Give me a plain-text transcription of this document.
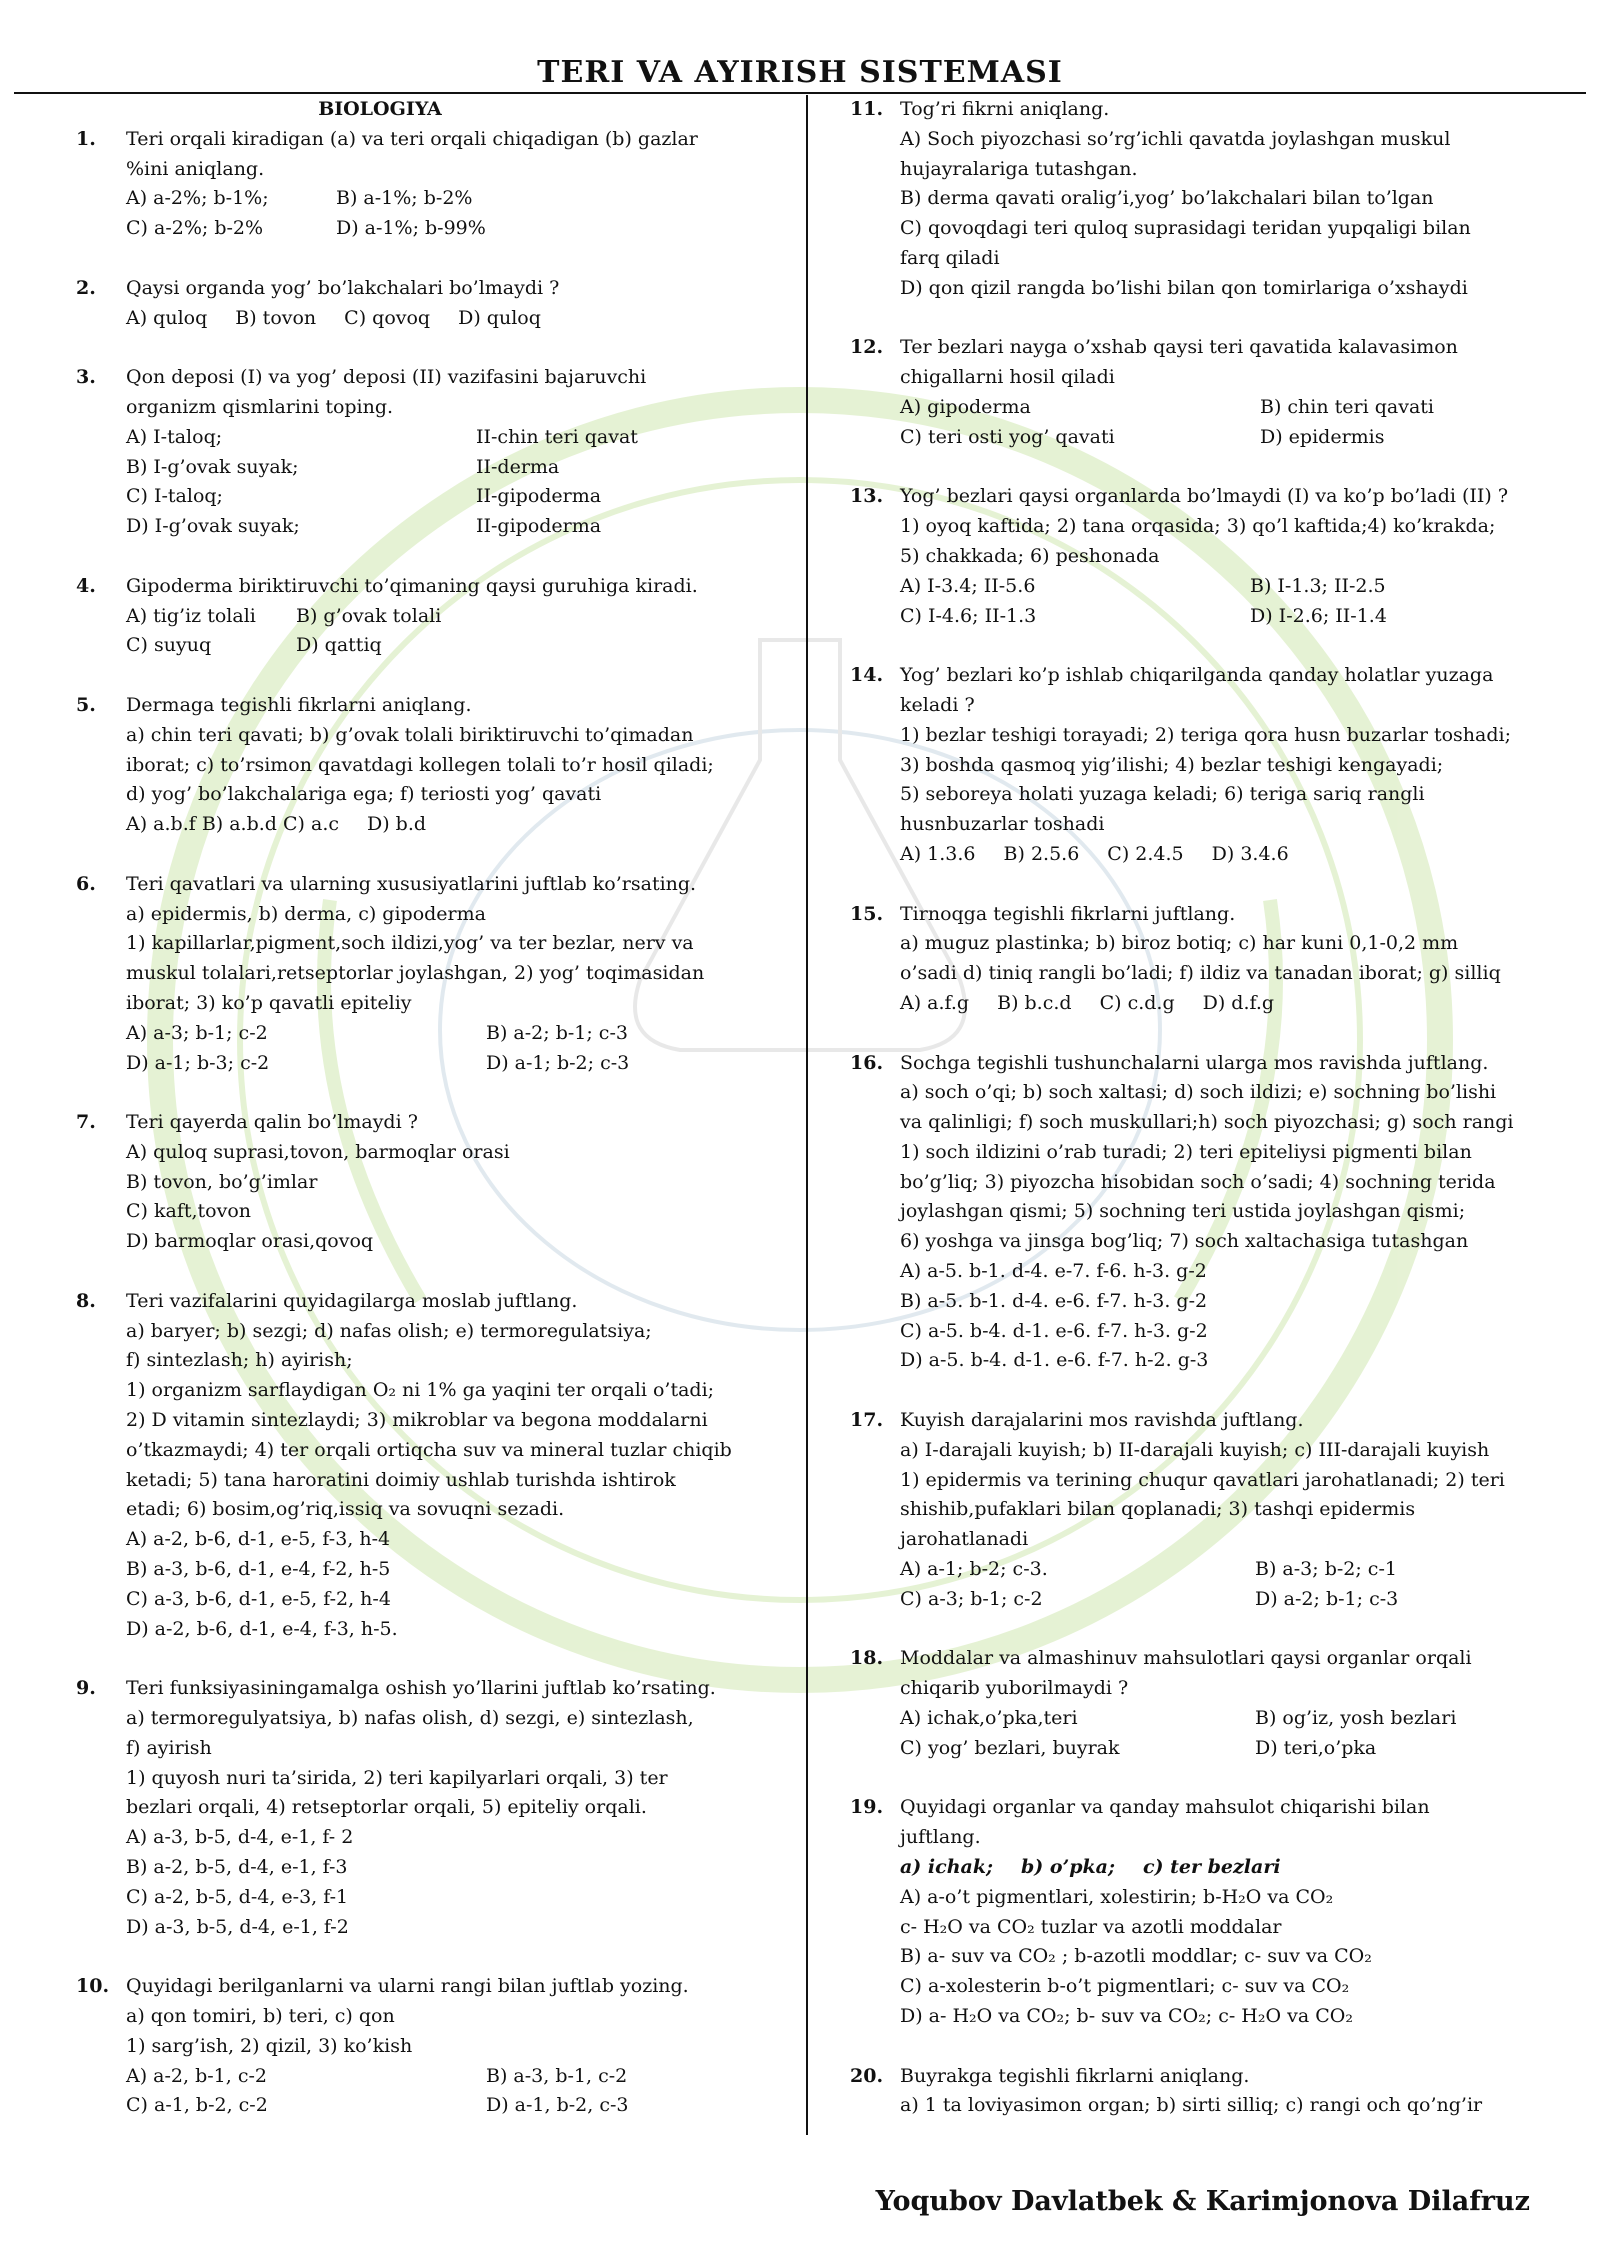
TERI VA AYIRISH SISTEMASI
BIOLOGIYA
1. Teri orqali kiradigan (a) va teri orqali chiqadigan (b) gazlar
%ini aniqlang.
A) a-2%; b-1%;	B) a-1%; b-2%
C) a-2%; b-2%	D) a-1%; b-99%
2. Qaysi organda yog’ bo’lakchalari bo’lmaydi ?
A) quloq B) tovon C) qovoq D) quloq
3. Qon deposi (I) va yog’ deposi (II) vazifasini bajaruvchi
organizm qismlarini toping.
A) I-taloq;	II-chin teri qavat
B) I-g’ovak suyak;	II-derma
C) I-taloq;	II-gipoderma
D) I-g’ovak suyak;	II-gipoderma
4. Gipoderma biriktiruvchi to’qimaning qaysi guruhiga kiradi.
A) tig’iz tolali	B) g’ovak tolali
C) suyuq	D) qattiq
5. Dermaga tegishli fikrlarni aniqlang.
a) chin teri qavati; b) g’ovak tolali biriktiruvchi to’qimadan
iborat; c) to’rsimon qavatdagi kollegen tolali to’r hosil qiladi;
d) yog’ bo’lakchalariga ega; f) teriosti yog’ qavati
A) a.b.f B) a.b.d C) a.c D) b.d
6. Teri qavatlari va ularning xususiyatlarini juftlab ko’rsating.
a) epidermis, b) derma, c) gipoderma
1) kapillarlar,pigment,soch ildizi,yog’ va ter bezlar, nerv va
muskul tolalari,retseptorlar joylashgan, 2) yog’ toqimasidan
iborat; 3) ko’p qavatli epiteliy
A) a-3; b-1; c-2	B) a-2; b-1; c-3
D) a-1; b-3; c-2	D) a-1; b-2; c-3
7. Teri qayerda qalin bo’lmaydi ?
A) quloq suprasi,tovon, barmoqlar orasi
B) tovon, bo’g’imlar
C) kaft,tovon
D) barmoqlar orasi,qovoq
8. Teri vazifalarini quyidagilarga moslab juftlang.
a) baryer; b) sezgi; d) nafas olish; e) termoregulatsiya;
f) sintezlash; h) ayirish;
1) organizm sarflaydigan O₂ ni 1% ga yaqini ter orqali o’tadi;
2) D vitamin sintezlaydi; 3) mikroblar va begona moddalarni
o’tkazmaydi; 4) ter orqali ortiqcha suv va mineral tuzlar chiqib
ketadi; 5) tana haroratini doimiy ushlab turishda ishtirok
etadi; 6) bosim,og’riq,issiq va sovuqni sezadi.
A) a-2, b-6, d-1, e-5, f-3, h-4
B) a-3, b-6, d-1, e-4, f-2, h-5
C) a-3, b-6, d-1, e-5, f-2, h-4
D) a-2, b-6, d-1, e-4, f-3, h-5.
9. Teri funksiyasiningamalga oshish yo’llarini juftlab ko’rsating.
a) termoregulyatsiya, b) nafas olish, d) sezgi, e) sintezlash,
f) ayirish
1) quyosh nuri ta’sirida, 2) teri kapilyarlari orqali, 3) ter
bezlari orqali, 4) retseptorlar orqali, 5) epiteliy orqali.
A) a-3, b-5, d-4, e-1, f- 2
B) a-2, b-5, d-4, e-1, f-3
C) a-2, b-5, d-4, e-3, f-1
D) a-3, b-5, d-4, e-1, f-2
10. Quyidagi berilganlarni va ularni rangi bilan juftlab yozing.
a) qon tomiri, b) teri, c) qon
1) sarg’ish, 2) qizil, 3) ko’kish
A) a-2, b-1, c-2	B) a-3, b-1, c-2
C) a-1, b-2, c-2	D) a-1, b-2, c-3
11. Tog’ri fikrni aniqlang.
A) Soch piyozchasi so’rg’ichli qavatda joylashgan muskul
hujayralariga tutashgan.
B) derma qavati oralig’i,yog’ bo’lakchalari bilan to’lgan
C) qovoqdagi teri quloq suprasidagi teridan yupqaligi bilan
farq qiladi
D) qon qizil rangda bo’lishi bilan qon tomirlariga o’xshaydi
12. Ter bezlari nayga o’xshab qaysi teri qavatida kalavasimon
chigallarni hosil qiladi
A) gipoderma	B) chin teri qavati
C) teri osti yog’ qavati	D) epidermis
13. Yog’ bezlari qaysi organlarda bo’lmaydi (I) va ko’p bo’ladi (II) ?
1) oyoq kaftida; 2) tana orqasida; 3) qo’l kaftida;4) ko’krakda;
5) chakkada; 6) peshonada
A) I-3.4; II-5.6	B) I-1.3; II-2.5
C) I-4.6; II-1.3	D) I-2.6; II-1.4
14. Yog’ bezlari ko’p ishlab chiqarilganda qanday holatlar yuzaga
keladi ?
1) bezlar teshigi torayadi; 2) teriga qora husn buzarlar toshadi;
3) boshda qasmoq yig’ilishi; 4) bezlar teshigi kengayadi;
5) seboreya holati yuzaga keladi; 6) teriga sariq rangli
husnbuzarlar toshadi
A) 1.3.6 B) 2.5.6 C) 2.4.5 D) 3.4.6
15. Tirnoqga tegishli fikrlarni juftlang.
a) muguz plastinka; b) biroz botiq; c) har kuni 0,1-0,2 mm
o’sadi d) tiniq rangli bo’ladi; f) ildiz va tanadan iborat; g) silliq
A) a.f.g B) b.c.d C) c.d.g D) d.f.g
16. Sochga tegishli tushunchalarni ularga mos ravishda juftlang.
a) soch o’qi; b) soch xaltasi; d) soch ildizi; e) sochning bo’lishi
va qalinligi; f) soch muskullari;h) soch piyozchasi; g) soch rangi
1) soch ildizini o’rab turadi; 2) teri epiteliysi pigmenti bilan
bo’g’liq; 3) piyozcha hisobidan soch o’sadi; 4) sochning terida
joylashgan qismi; 5) sochning teri ustida joylashgan qismi;
6) yoshga va jinsga bog’liq; 7) soch xaltachasiga tutashgan
A) a-5. b-1. d-4. e-7. f-6. h-3. g-2
B) a-5. b-1. d-4. e-6. f-7. h-3. g-2
C) a-5. b-4. d-1. e-6. f-7. h-3. g-2
D) a-5. b-4. d-1. e-6. f-7. h-2. g-3
17. Kuyish darajalarini mos ravishda juftlang.
a) I-darajali kuyish; b) II-darajali kuyish; c) III-darajali kuyish
1) epidermis va terining chuqur qavatlari jarohatlanadi; 2) teri
shishib,pufaklari bilan qoplanadi; 3) tashqi epidermis
jarohatlanadi
A) a-1; b-2; c-3.	B) a-3; b-2; c-1
C) a-3; b-1; c-2	D) a-2; b-1; c-3
18. Moddalar va almashinuv mahsulotlari qaysi organlar orqali
chiqarib yuborilmaydi ?
A) ichak,o’pka,teri	B) og’iz, yosh bezlari
C) yog’ bezlari, buyrak	D) teri,o’pka
19. Quyidagi organlar va qanday mahsulot chiqarishi bilan
juftlang.
a) ichak; b) o’pka; c) ter bezlari
A) a-o’t pigmentlari, xolestirin; b-H₂O va CO₂
c- H₂O va CO₂ tuzlar va azotli moddalar
B) a- suv va CO₂ ; b-azotli moddlar; c- suv va CO₂
C) a-xolesterin b-o’t pigmentlari; c- suv va CO₂
D) a- H₂O va CO₂; b- suv va CO₂; c- H₂O va CO₂
20. Buyrakga tegishli fikrlarni aniqlang.
a) 1 ta loviyasimon organ; b) sirti silliq; c) rangi och qo’ng’ir
Yoqubov Davlatbek & Karimjonova Dilafruz
